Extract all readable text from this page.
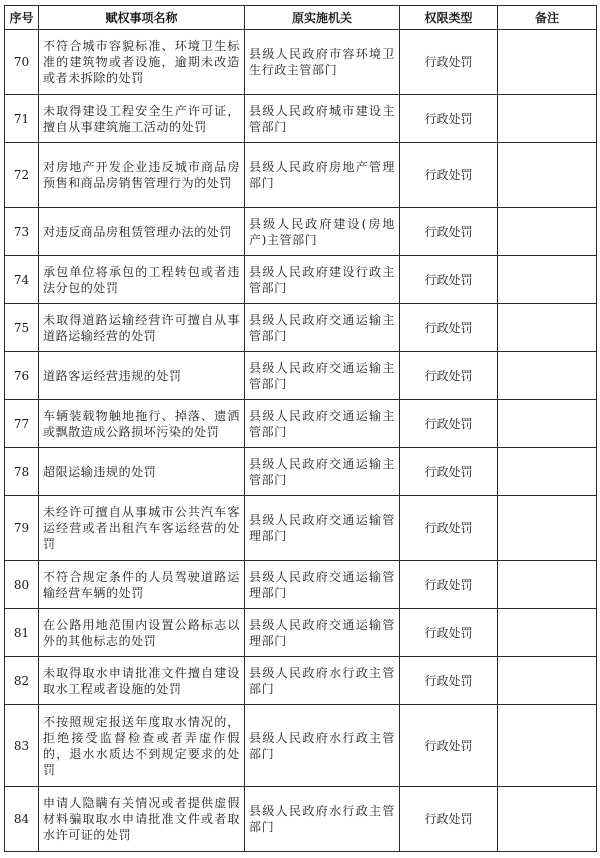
序号	赋权事项名称	原实施机关	权限类型	备注
70	不符合城市容貌标准、环境卫生标准的建筑物或者设施，逾期未改造或者未拆除的处罚	县级人民政府市容环境卫生行政主管部门	行政处罚	
71	未取得建设工程安全生产许可证，擅自从事建筑施工活动的处罚	县级人民政府城市建设主管部门	行政处罚	
72	对房地产开发企业违反城市商品房预售和商品房销售管理行为的处罚	县级人民政府房地产管理部门	行政处罚	
73	对违反商品房租赁管理办法的处罚	县级人民政府建设(房地产)主管部门	行政处罚	
74	承包单位将承包的工程转包或者违法分包的处罚	县级人民政府建设行政主管部门	行政处罚	
75	未取得道路运输经营许可擅自从事道路运输经营的处罚	县级人民政府交通运输主管部门	行政处罚	
76	道路客运经营违规的处罚	县级人民政府交通运输主管部门	行政处罚	
77	车辆装载物触地拖行、掉落、遗洒或飘散造成公路损坏污染的处罚	县级人民政府交通运输主管部门	行政处罚	
78	超限运输违规的处罚	县级人民政府交通运输主管部门	行政处罚	
79	未经许可擅自从事城市公共汽车客运经营或者出租汽车客运经营的处罚	县级人民政府交通运输管理部门	行政处罚	
80	不符合规定条件的人员驾驶道路运输经营车辆的处罚	县级人民政府交通运输管理部门	行政处罚	
81	在公路用地范围内设置公路标志以外的其他标志的处罚	县级人民政府交通运输管理部门	行政处罚	
82	未取得取水申请批准文件擅自建设取水工程或者设施的处罚	县级人民政府水行政主管部门	行政处罚	
83	不按照规定报送年度取水情况的，拒绝接受监督检查或者弄虚作假的，退水水质达不到规定要求的处罚	县级人民政府水行政主管部门	行政处罚	
84	申请人隐瞒有关情况或者提供虚假材料骗取取水申请批准文件或者取水许可证的处罚	县级人民政府水行政主管部门	行政处罚	
